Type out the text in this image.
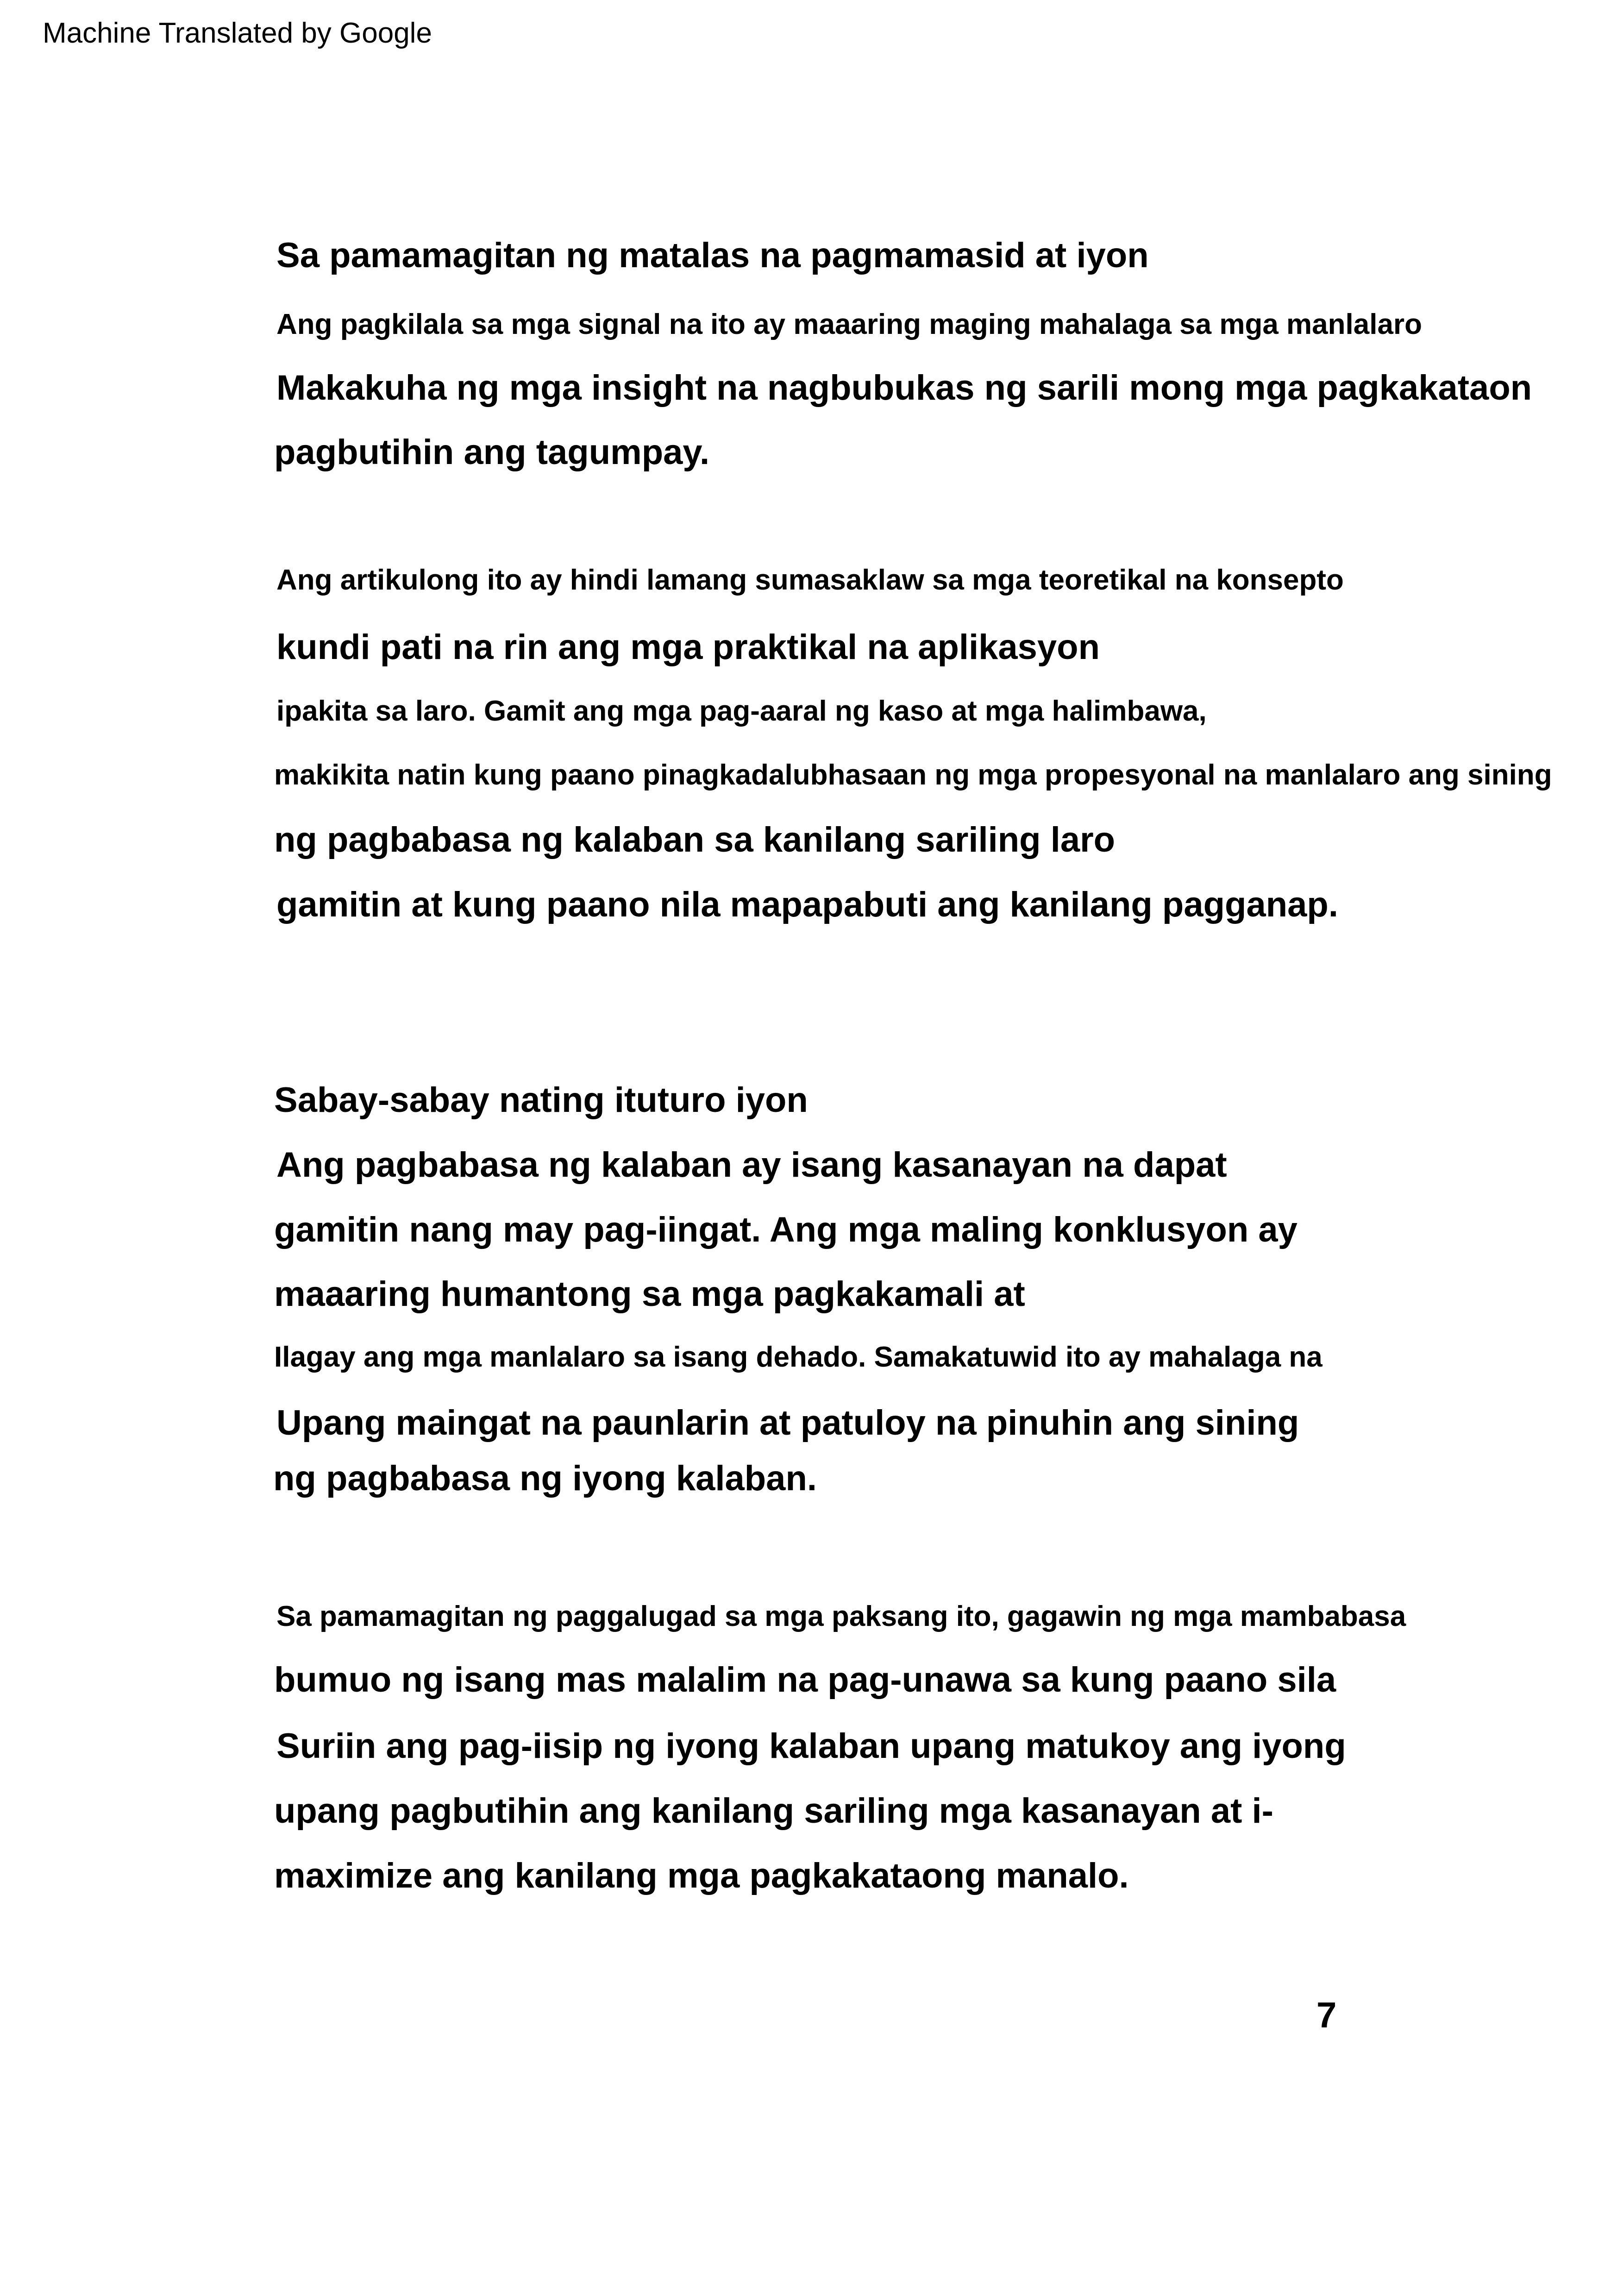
Machine Translated by Google
Sa pamamagitan ng matalas na pagmamasid at iyon
Ang pagkilala sa mga signal na ito ay maaaring maging mahalaga sa mga manlalaro
Makakuha ng mga insight na nagbubukas ng sarili mong mga pagkakataon
pagbutihin ang tagumpay.
Ang artikulong ito ay hindi lamang sumasaklaw sa mga teoretikal na konsepto
kundi pati na rin ang mga praktikal na aplikasyon
ipakita sa laro. Gamit ang mga pag-aaral ng kaso at mga halimbawa,
makikita natin kung paano pinagkadalubhasaan ng mga propesyonal na manlalaro ang sining
ng pagbabasa ng kalaban sa kanilang sariling laro
gamitin at kung paano nila mapapabuti ang kanilang pagganap.
Sabay-sabay nating ituturo iyon
Ang pagbabasa ng kalaban ay isang kasanayan na dapat
gamitin nang may pag-iingat. Ang mga maling konklusyon ay
maaaring humantong sa mga pagkakamali at
Ilagay ang mga manlalaro sa isang dehado. Samakatuwid ito ay mahalaga na
Upang maingat na paunlarin at patuloy na pinuhin ang sining
ng pagbabasa ng iyong kalaban.
Sa pamamagitan ng paggalugad sa mga paksang ito, gagawin ng mga mambabasa
bumuo ng isang mas malalim na pag-unawa sa kung paano sila
Suriin ang pag-iisip ng iyong kalaban upang matukoy ang iyong
upang pagbutihin ang kanilang sariling mga kasanayan at i-
maximize ang kanilang mga pagkakataong manalo.
7
